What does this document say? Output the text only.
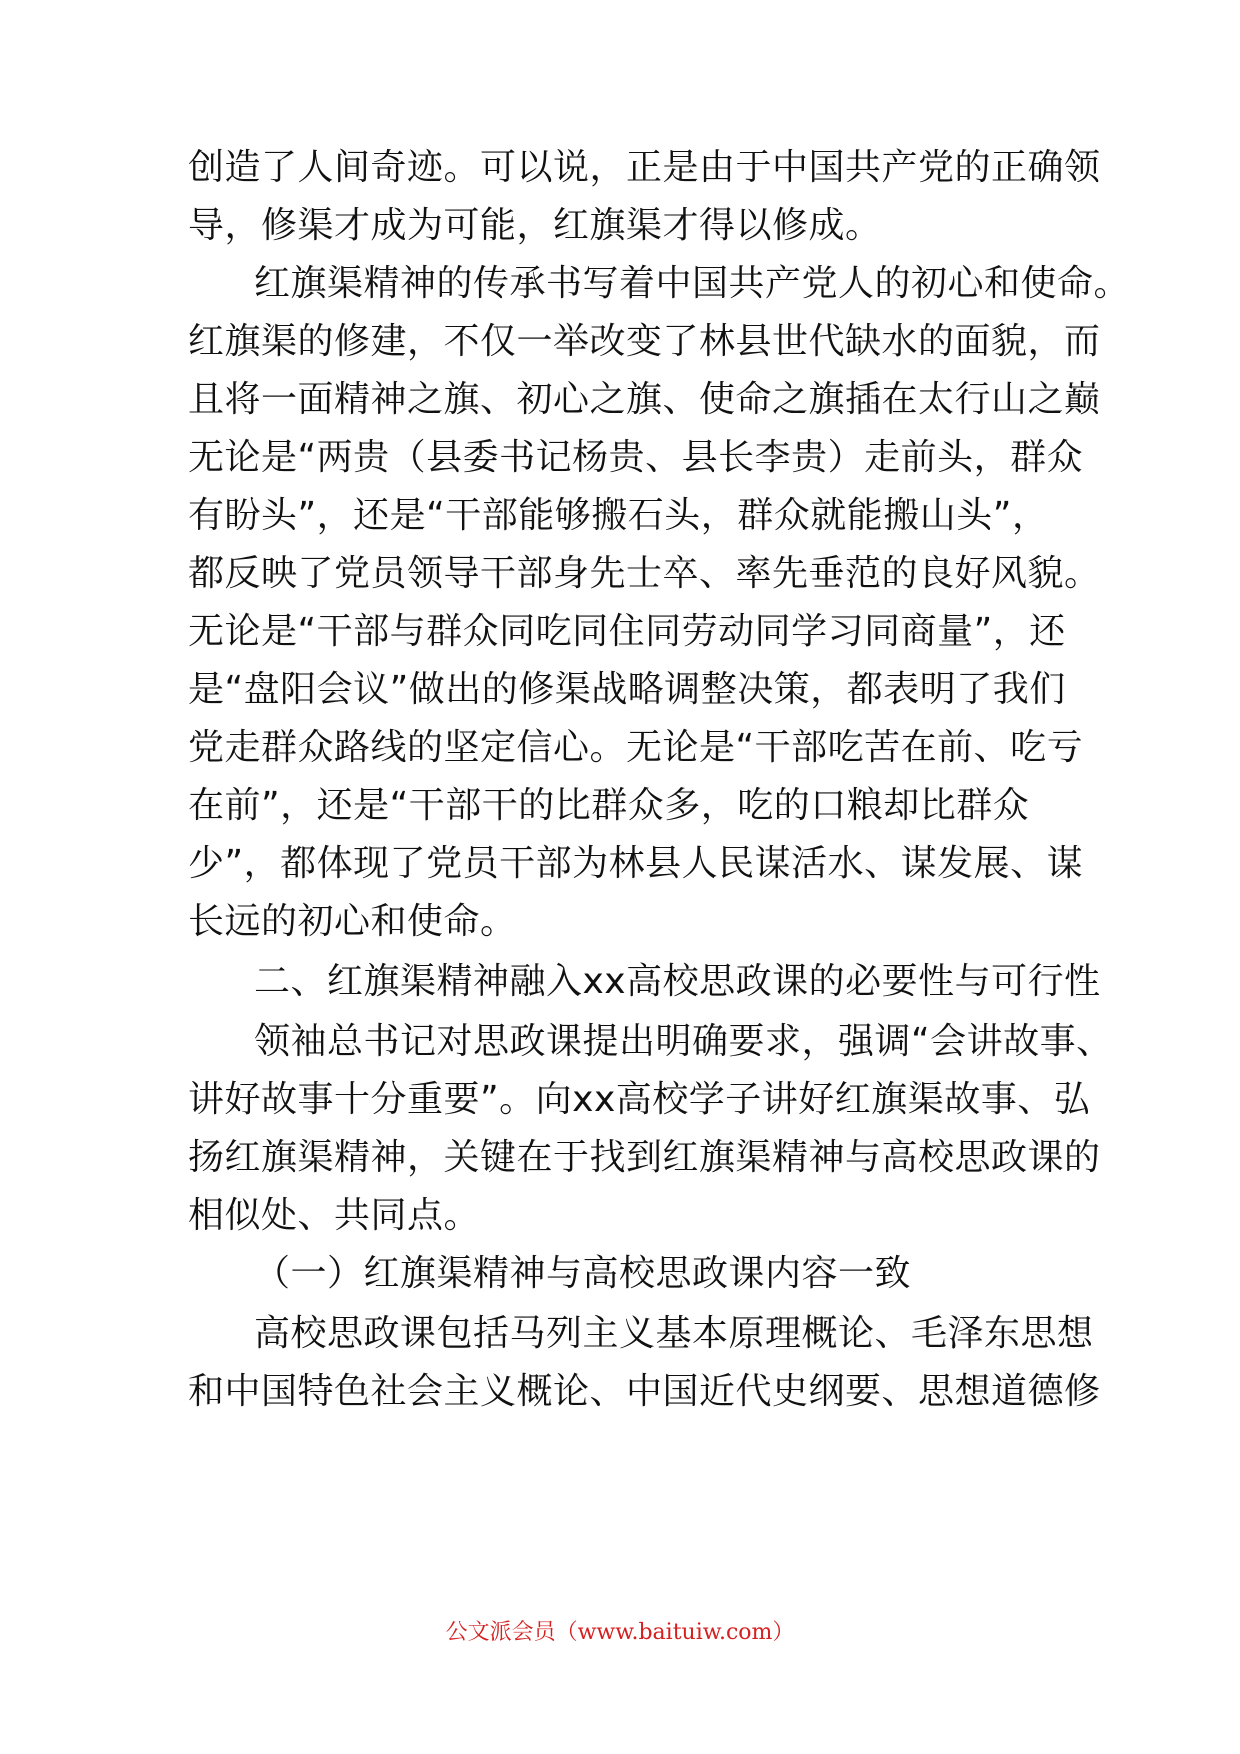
创造了人间奇迹。可以说，正是由于中国共产党的正确领
导，修渠才成为可能，红旗渠才得以修成。
红旗渠精神的传承书写着中国共产党人的初心和使命。
红旗渠的修建，不仅一举改变了林县世代缺水的面貌，而
且将一面精神之旗、初心之旗、使命之旗插在太行山之巅
无论是“两贵（县委书记杨贵、县长李贵）走前头，群众
有盼头”，还是“干部能够搬石头，群众就能搬山头”，
都反映了党员领导干部身先士卒、率先垂范的良好风貌。
无论是“干部与群众同吃同住同劳动同学习同商量”，还
是“盘阳会议”做出的修渠战略调整决策，都表明了我们
党走群众路线的坚定信心。无论是“干部吃苦在前、吃亏
在前”，还是“干部干的比群众多，吃的口粮却比群众
少”，都体现了党员干部为林县人民谋活水、谋发展、谋
长远的初心和使命。
二、红旗渠精神融入xx高校思政课的必要性与可行性
领袖总书记对思政课提出明确要求，强调“会讲故事、
讲好故事十分重要”。向xx高校学子讲好红旗渠故事、弘
扬红旗渠精神，关键在于找到红旗渠精神与高校思政课的
相似处、共同点。
（一）红旗渠精神与高校思政课内容一致
高校思政课包括马列主义基本原理概论、毛泽东思想
和中国特色社会主义概论、中国近代史纲要、思想道德修
公文派会员（www.baituiw.com）
